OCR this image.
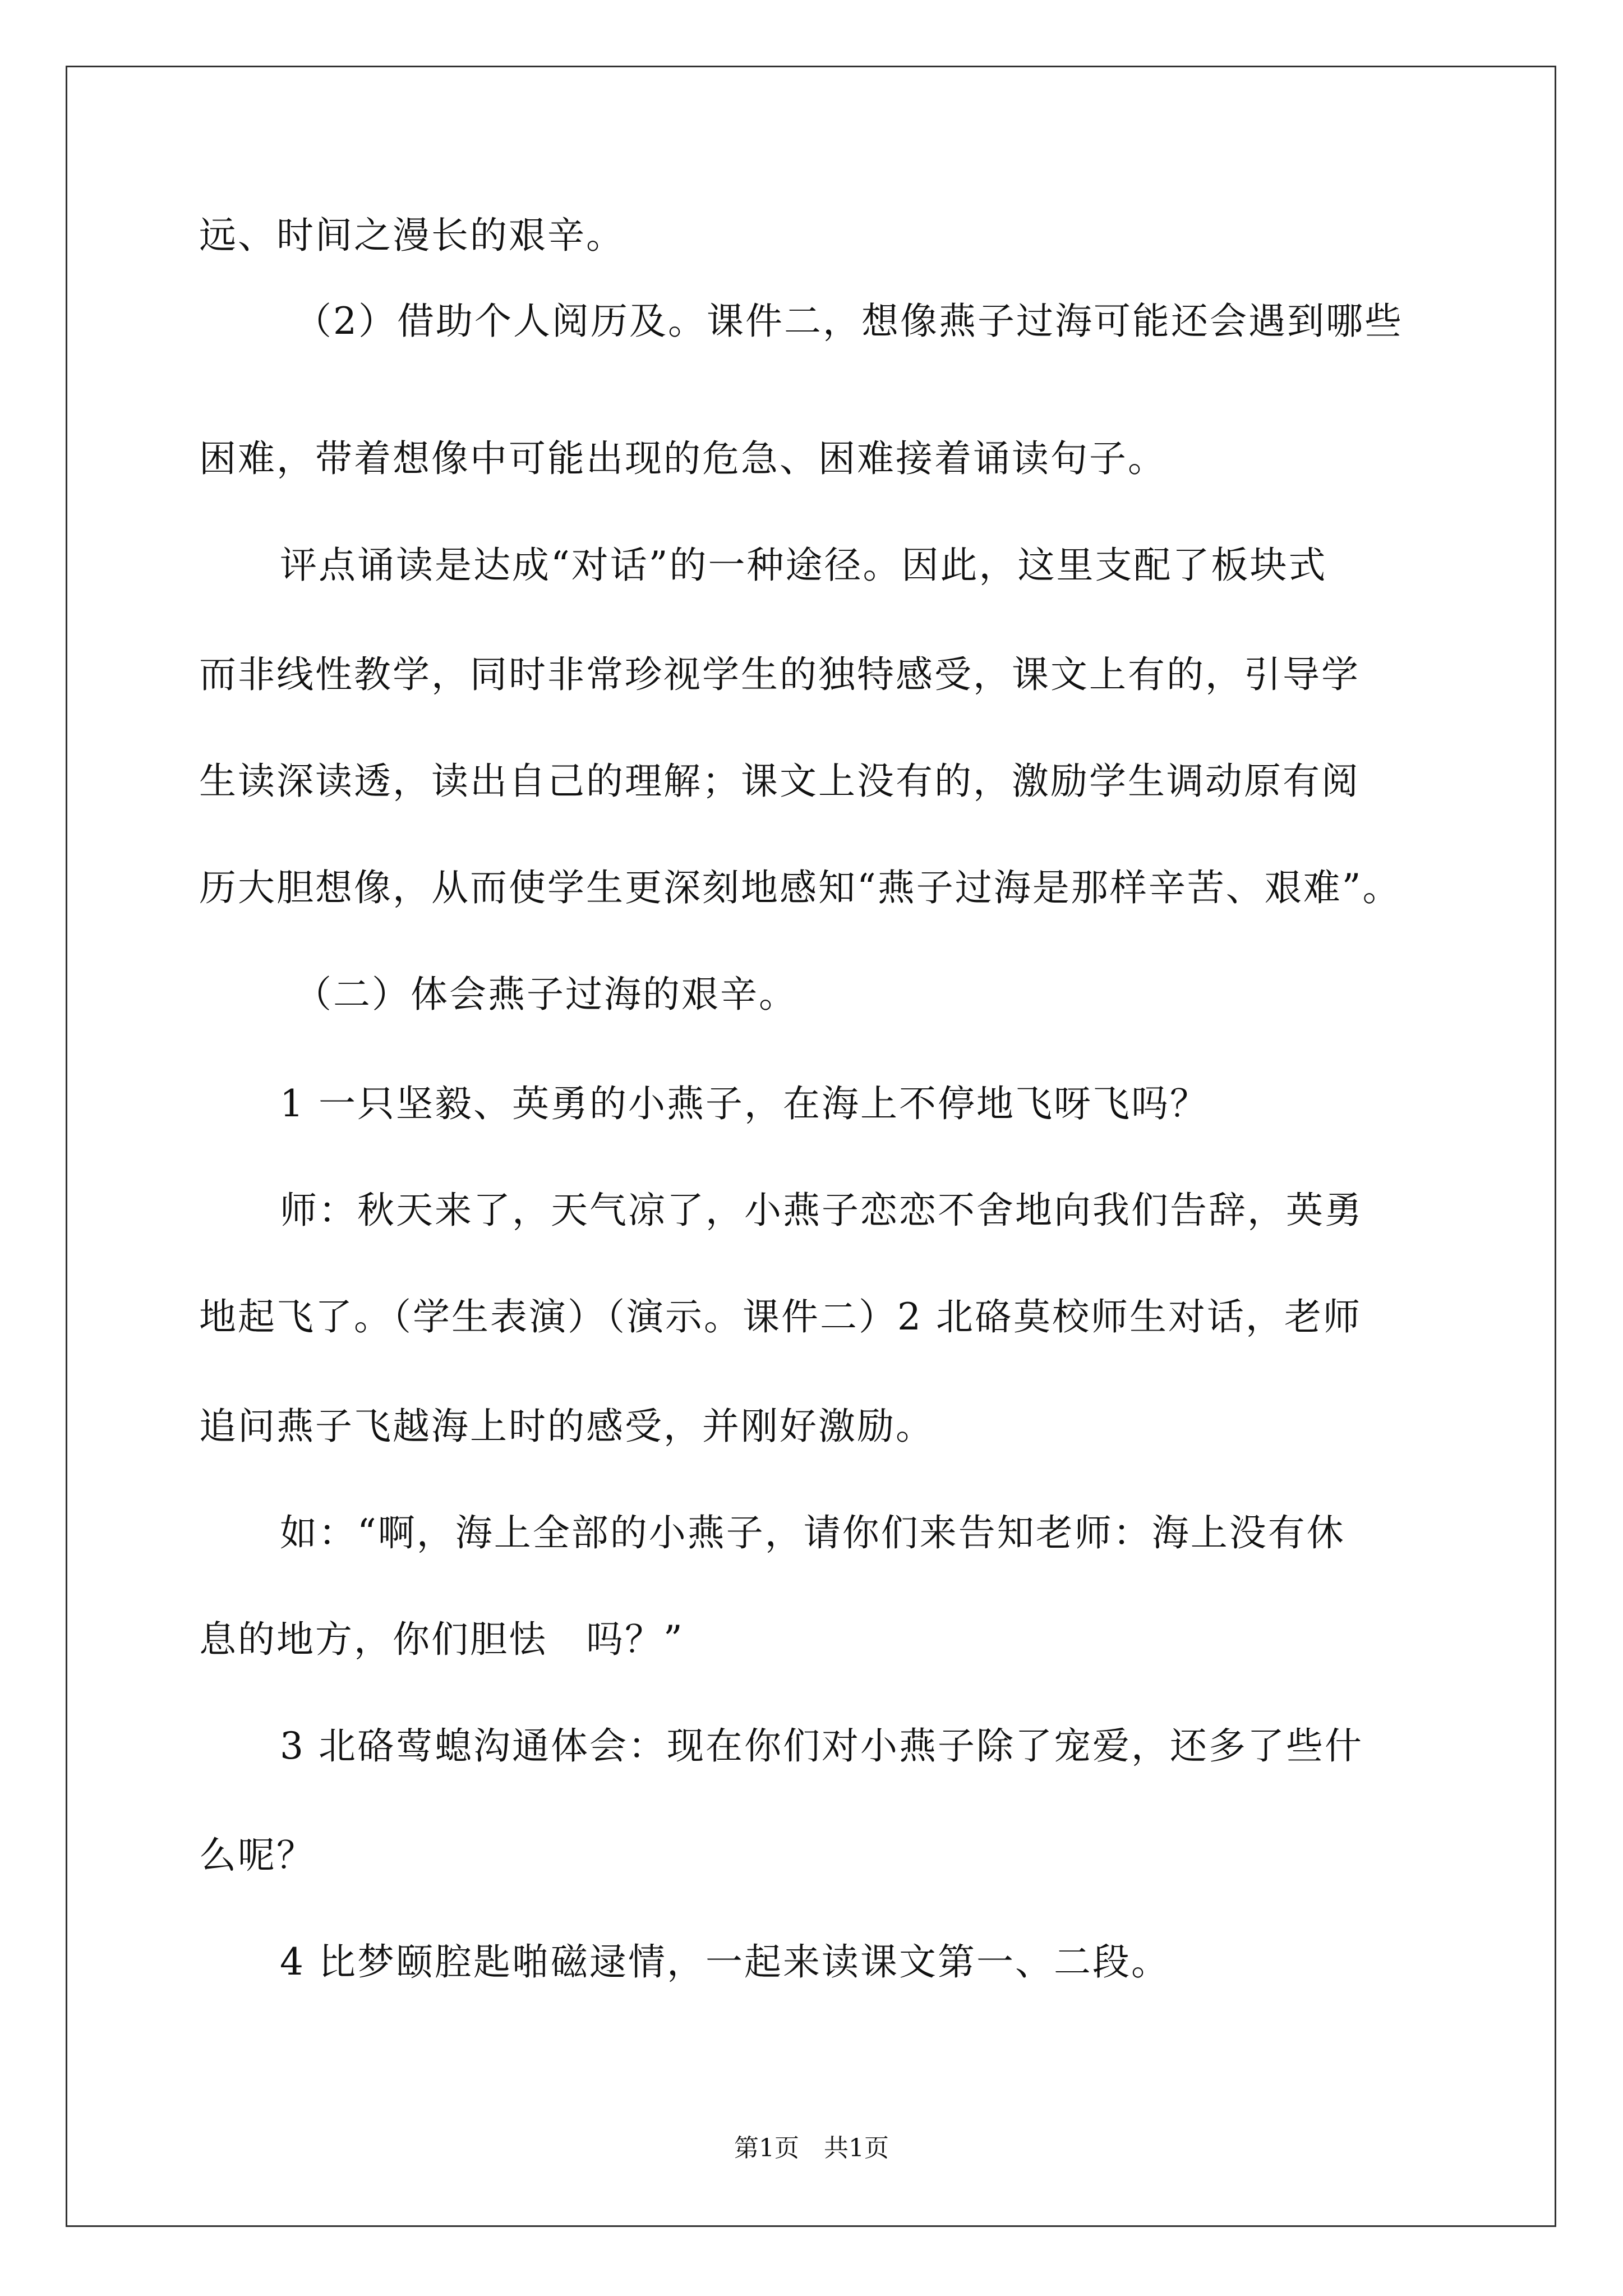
远、时间之漫长的艰辛。
（2）借助个人阅历及。课件二，想像燕子过海可能还会遇到哪些
困难，带着想像中可能出现的危急、困难接着诵读句子。
评点诵读是达成“对话”的一种途径。因此，这里支配了板块式
而非线性教学，同时非常珍视学生的独特感受，课文上有的，引导学
生读深读透，读出自己的理解；课文上没有的，激励学生调动原有阅
历大胆想像，从而使学生更深刻地感知“燕子过海是那样辛苦、艰难”。
（二）体会燕子过海的艰辛。
1 一只坚毅、英勇的小燕子，在海上不停地飞呀飞吗？
师：秋天来了，天气凉了，小燕子恋恋不舍地向我们告辞，英勇
地起飞了。（学生表演）（演示。课件二）2 北硌莫校师生对话，老师
追问燕子飞越海上时的感受，并刚好激励。
如：“啊，海上全部的小燕子，请你们来告知老师：海上没有休
息的地方，你们胆怯　吗？”
3 北硌莺螅沟通体会：现在你们对小燕子除了宠爱，还多了些什
么呢？
4 比梦颐腔匙啪磁逯情，一起来读课文第一、二段。
第1页　共1页
